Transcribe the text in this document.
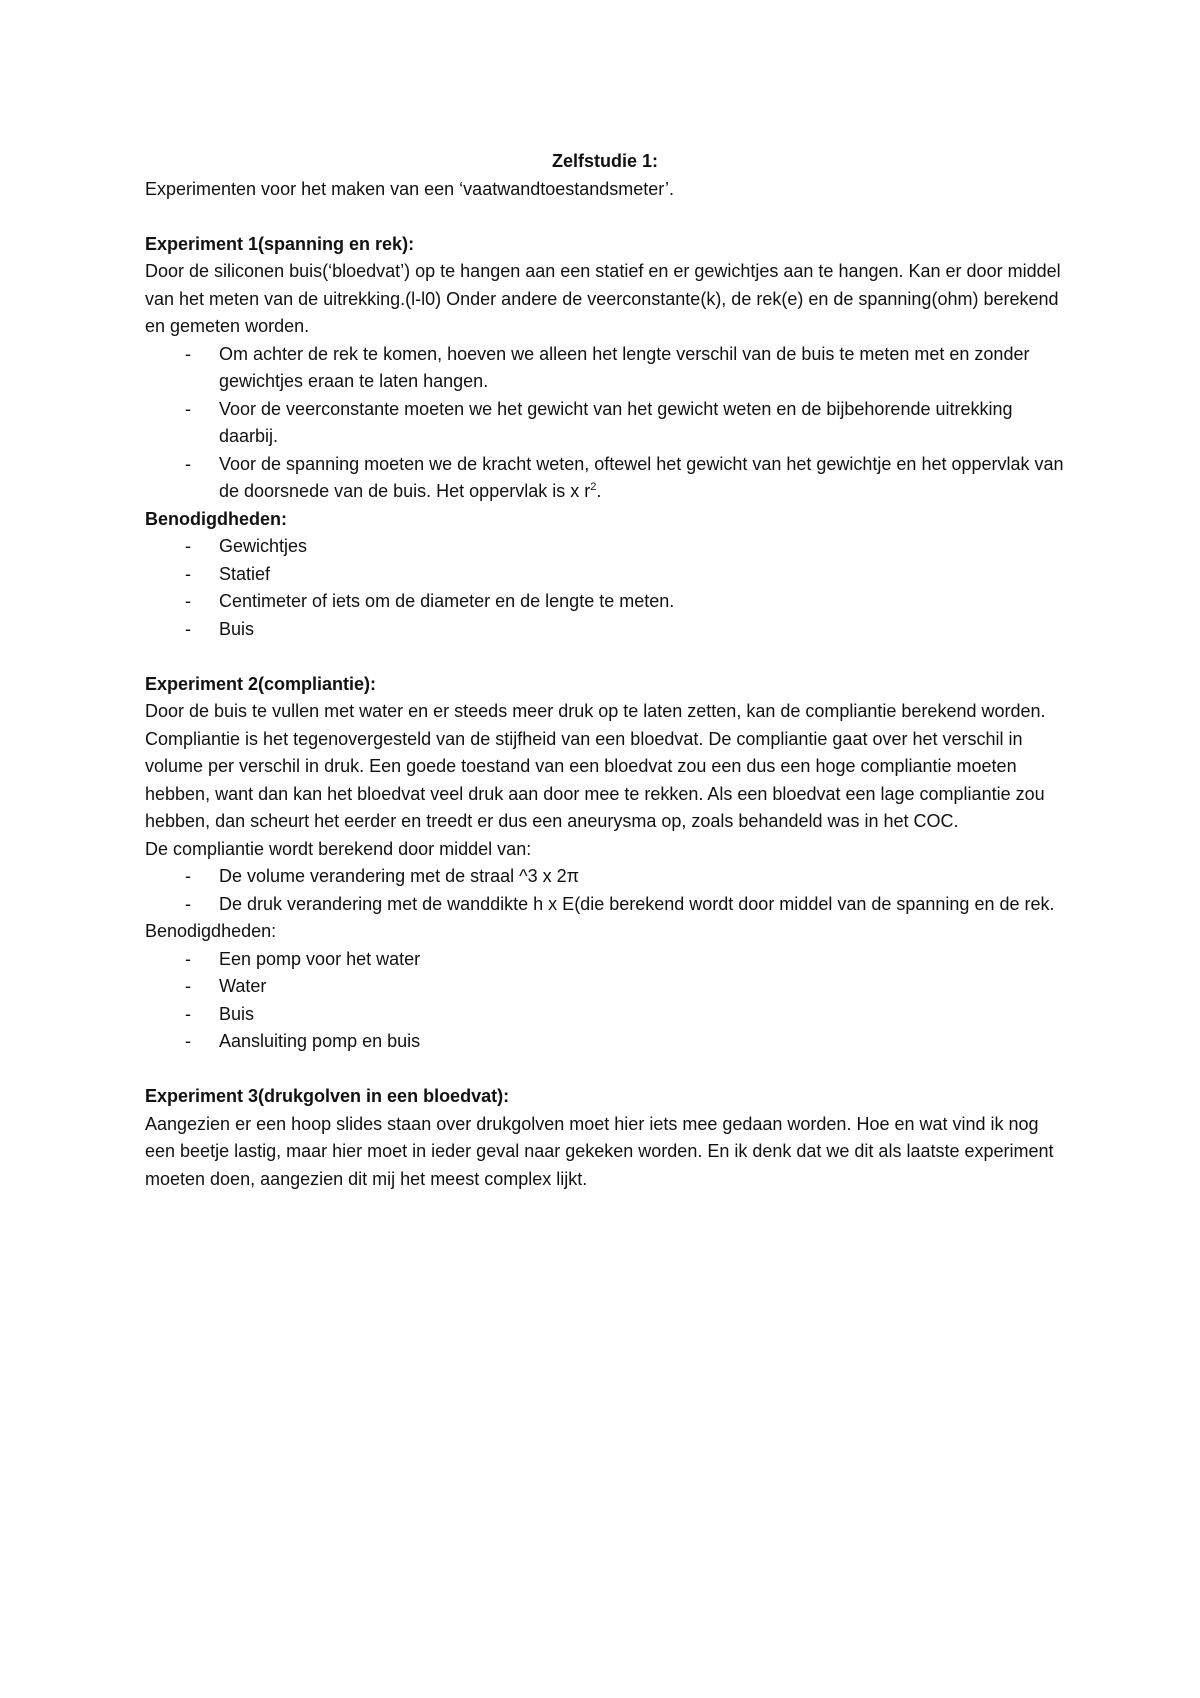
Zelfstudie 1:

Experimenten voor het maken van een ‘vaatwandtoestandsmeter’.

Experiment 1(spanning en rek):

Door de siliconen buis(‘bloedvat’) op te hangen aan een statief en er gewichtjes aan te hangen. Kan er door middel van het meten van de uitrekking.(l-l0) Onder andere de veerconstante(k), de rek(e) en de spanning(ohm) berekend en gemeten worden.

- Om achter de rek te komen, hoeven we alleen het lengte verschil van de buis te meten met en zonder gewichtjes eraan te laten hangen.
- Voor de veerconstante moeten we het gewicht van het gewicht weten en de bijbehorende uitrekking daarbij.
- Voor de spanning moeten we de kracht weten, oftewel het gewicht van het gewichtje en het oppervlak van de doorsnede van de buis. Het oppervlak is x $r^2$.

Benodigdheden:

- Gewichtjes
- Statief
- Centimeter of iets om de diameter en de lengte te meten.
- Buis

Experiment 2(compliantie):

Door de buis te vullen met water en er steeds meer druk op te laten zetten, kan de compliantie berekend worden. Compliantie is het tegenovergesteld van de stijfheid van een bloedvat. De compliantie gaat over het verschil in volume per verschil in druk. Een goede toestand van een bloedvat zou een dus een hoge compliantie moeten hebben, want dan kan het bloedvat veel druk aan door mee te rekken. Als een bloedvat een lage compliantie zou hebben, dan scheurt het eerder en treedt er dus een aneurysma op, zoals behandeld was in het COC.

De compliantie wordt berekend door middel van:

- De volume verandering met de straal ^3 x 2π
- De druk verandering met de wanddikte h x E(die berekend wordt door middel van de spanning en de rek.

Benodigdheden:

- Een pomp voor het water
- Water
- Buis
- Aansluiting pomp en buis

Experiment 3(drukgolven in een bloedvat):

Aangezien er een hoop slides staan over drukgolven moet hier iets mee gedaan worden. Hoe en wat vind ik nog een beetje lastig, maar hier moet in ieder geval naar gekeken worden. En ik denk dat we dit als laatste experiment moeten doen, aangezien dit mij het meest complex lijkt.
